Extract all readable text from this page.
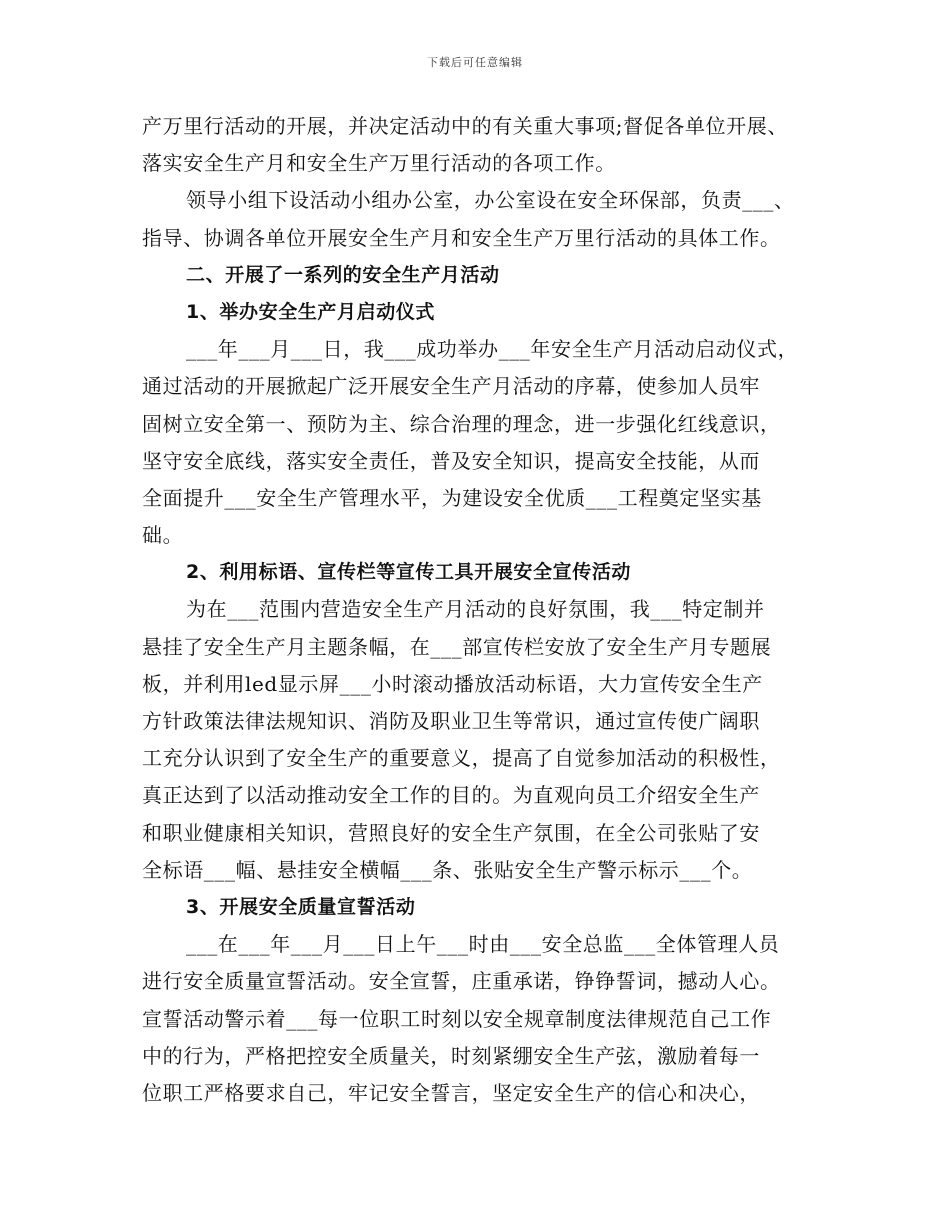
下载后可任意编辑
产万里行活动的开展，并决定活动中的有关重大事项;督促各单位开展、
落实安全生产月和安全生产万里行活动的各项工作。
领导小组下设活动小组办公室，办公室设在安全环保部，负责___、
指导、协调各单位开展安全生产月和安全生产万里行活动的具体工作。
二、开展了一系列的安全生产月活动
1、举办安全生产月启动仪式
___年___月___日，我___成功举办___年安全生产月活动启动仪式，
通过活动的开展掀起广泛开展安全生产月活动的序幕，使参加人员牢
固树立安全第一、预防为主、综合治理的理念，进一步强化红线意识，
坚守安全底线，落实安全责任，普及安全知识，提高安全技能，从而
全面提升___安全生产管理水平，为建设安全优质___工程奠定坚实基
础。
2、利用标语、宣传栏等宣传工具开展安全宣传活动
为在___范围内营造安全生产月活动的良好氛围，我___特定制并
悬挂了安全生产月主题条幅，在___部宣传栏安放了安全生产月专题展
板，并利用led显示屏___小时滚动播放活动标语，大力宣传安全生产
方针政策法律法规知识、消防及职业卫生等常识，通过宣传使广阔职
工充分认识到了安全生产的重要意义，提高了自觉参加活动的积极性，
真正达到了以活动推动安全工作的目的。为直观向员工介绍安全生产
和职业健康相关知识，营照良好的安全生产氛围，在全公司张贴了安
全标语___幅、悬挂安全横幅___条、张贴安全生产警示标示___个。
3、开展安全质量宣誓活动
___在___年___月___日上午___时由___安全总监___全体管理人员
进行安全质量宣誓活动。安全宣誓，庄重承诺，铮铮誓词，撼动人心。
宣誓活动警示着___每一位职工时刻以安全规章制度法律规范自己工作
中的行为，严格把控安全质量关，时刻紧绷安全生产弦，激励着每一
位职工严格要求自己，牢记安全誓言，坚定安全生产的信心和决心，
